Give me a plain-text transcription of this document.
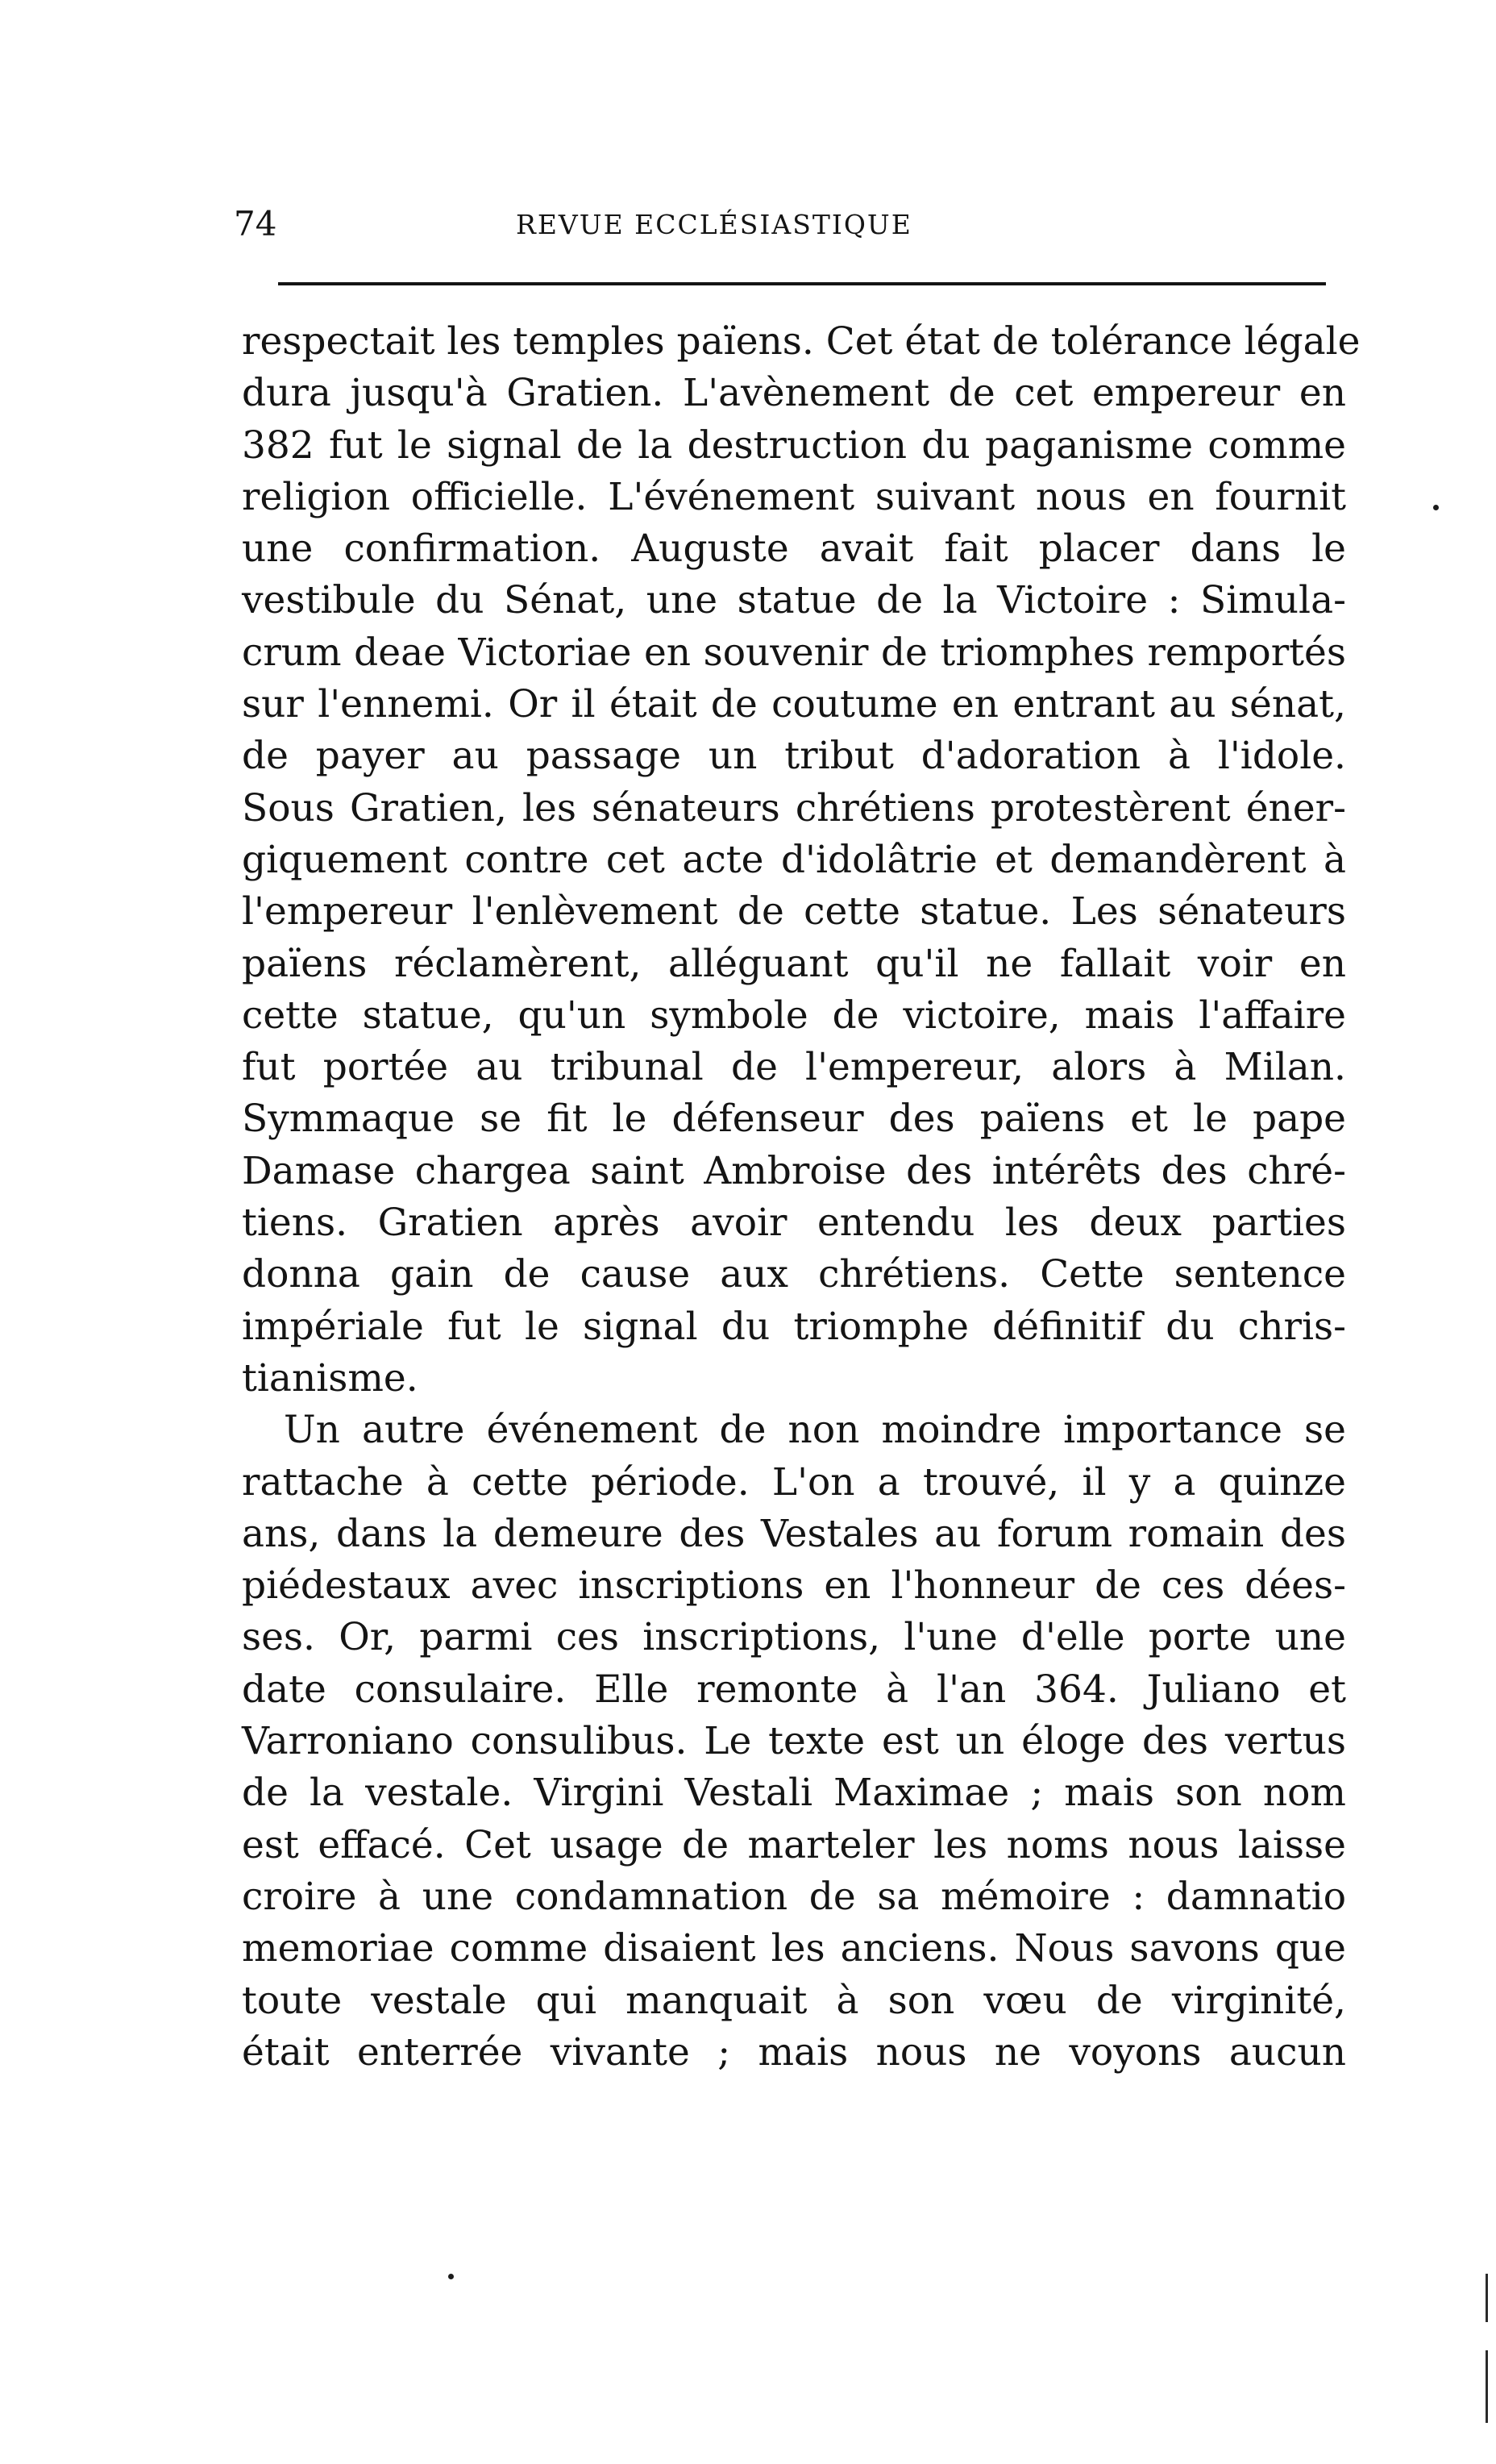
74	REVUE ECCLÉSIASTIQUE
respectait les temples païens. Cet état de tolérance légale
dura jusqu'à Gratien. L'avènement de cet empereur en
382 fut le signal de la destruction du paganisme comme
religion officielle. L'événement suivant nous en fournit
une confirmation. Auguste avait fait placer dans le
vestibule du Sénat, une statue de la Victoire : Simula-
crum deae Victoriae en souvenir de triomphes remportés
sur l'ennemi. Or il était de coutume en entrant au sénat,
de payer au passage un tribut d'adoration à l'idole.
Sous Gratien, les sénateurs chrétiens protestèrent éner-
giquement contre cet acte d'idolâtrie et demandèrent à
l'empereur l'enlèvement de cette statue. Les sénateurs
païens réclamèrent, alléguant qu'il ne fallait voir en
cette statue, qu'un symbole de victoire, mais l'affaire
fut portée au tribunal de l'empereur, alors à Milan.
Symmaque se fit le défenseur des païens et le pape
Damase chargea saint Ambroise des intérêts des chré-
tiens. Gratien après avoir entendu les deux parties
donna gain de cause aux chrétiens. Cette sentence
impériale fut le signal du triomphe définitif du chris-
tianisme.
Un autre événement de non moindre importance se
rattache à cette période. L'on a trouvé, il y a quinze
ans, dans la demeure des Vestales au forum romain des
piédestaux avec inscriptions en l'honneur de ces dées-
ses. Or, parmi ces inscriptions, l'une d'elle porte une
date consulaire. Elle remonte à l'an 364. Juliano et
Varroniano consulibus. Le texte est un éloge des vertus
de la vestale. Virgini Vestali Maximae ; mais son nom
est effacé. Cet usage de marteler les noms nous laisse
croire à une condamnation de sa mémoire : damnatio
memoriae comme disaient les anciens. Nous savons que
toute vestale qui manquait à son vœu de virginité,
était enterrée vivante ; mais nous ne voyons aucun
